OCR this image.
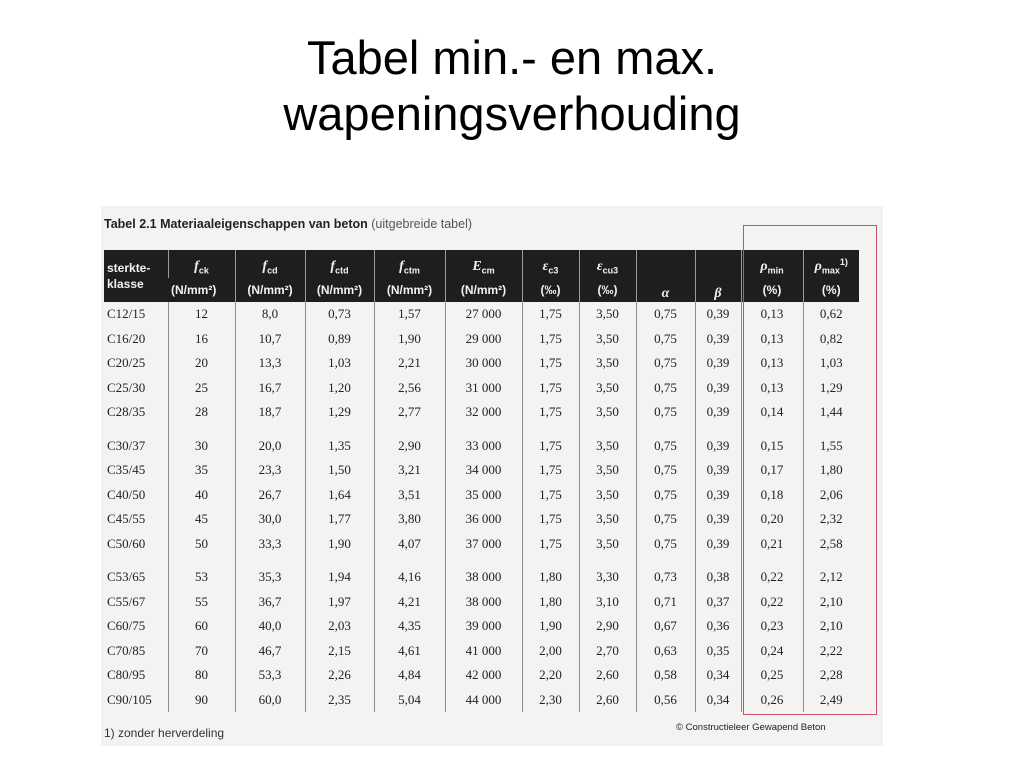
Tabel min.- en max.
wapeningsverhouding
Tabel 2.1 Materiaaleigenschappen van beton (uitgebreide tabel)
sterkte-
klasse	$f_{ck}$	$f_{cd}$	$f_{ctd}$	$f_{ctm}$	$E_{cm}$	$\varepsilon_{c3}$	$\varepsilon_{cu3}$	α	β	$\rho_{min}$	$\rho_{max}^{1)}$
	(N/mm²)	(N/mm²)	(N/mm²)	(N/mm²)	(N/mm²)	(‰)	(‰)			(%)	(%)
C12/15	12	8,0	0,73	1,57	27 000	1,75	3,50	0,75	0,39	0,13	0,62
C16/20	16	10,7	0,89	1,90	29 000	1,75	3,50	0,75	0,39	0,13	0,82
C20/25	20	13,3	1,03	2,21	30 000	1,75	3,50	0,75	0,39	0,13	1,03
C25/30	25	16,7	1,20	2,56	31 000	1,75	3,50	0,75	0,39	0,13	1,29
C28/35	28	18,7	1,29	2,77	32 000	1,75	3,50	0,75	0,39	0,14	1,44
C30/37	30	20,0	1,35	2,90	33 000	1,75	3,50	0,75	0,39	0,15	1,55
C35/45	35	23,3	1,50	3,21	34 000	1,75	3,50	0,75	0,39	0,17	1,80
C40/50	40	26,7	1,64	3,51	35 000	1,75	3,50	0,75	0,39	0,18	2,06
C45/55	45	30,0	1,77	3,80	36 000	1,75	3,50	0,75	0,39	0,20	2,32
C50/60	50	33,3	1,90	4,07	37 000	1,75	3,50	0,75	0,39	0,21	2,58
C53/65	53	35,3	1,94	4,16	38 000	1,80	3,30	0,73	0,38	0,22	2,12
C55/67	55	36,7	1,97	4,21	38 000	1,80	3,10	0,71	0,37	0,22	2,10
C60/75	60	40,0	2,03	4,35	39 000	1,90	2,90	0,67	0,36	0,23	2,10
C70/85	70	46,7	2,15	4,61	41 000	2,00	2,70	0,63	0,35	0,24	2,22
C80/95	80	53,3	2,26	4,84	42 000	2,20	2,60	0,58	0,34	0,25	2,28
C90/105	90	60,0	2,35	5,04	44 000	2,30	2,60	0,56	0,34	0,26	2,49
1) zonder herverdeling	© Constructieleer Gewapend Beton
